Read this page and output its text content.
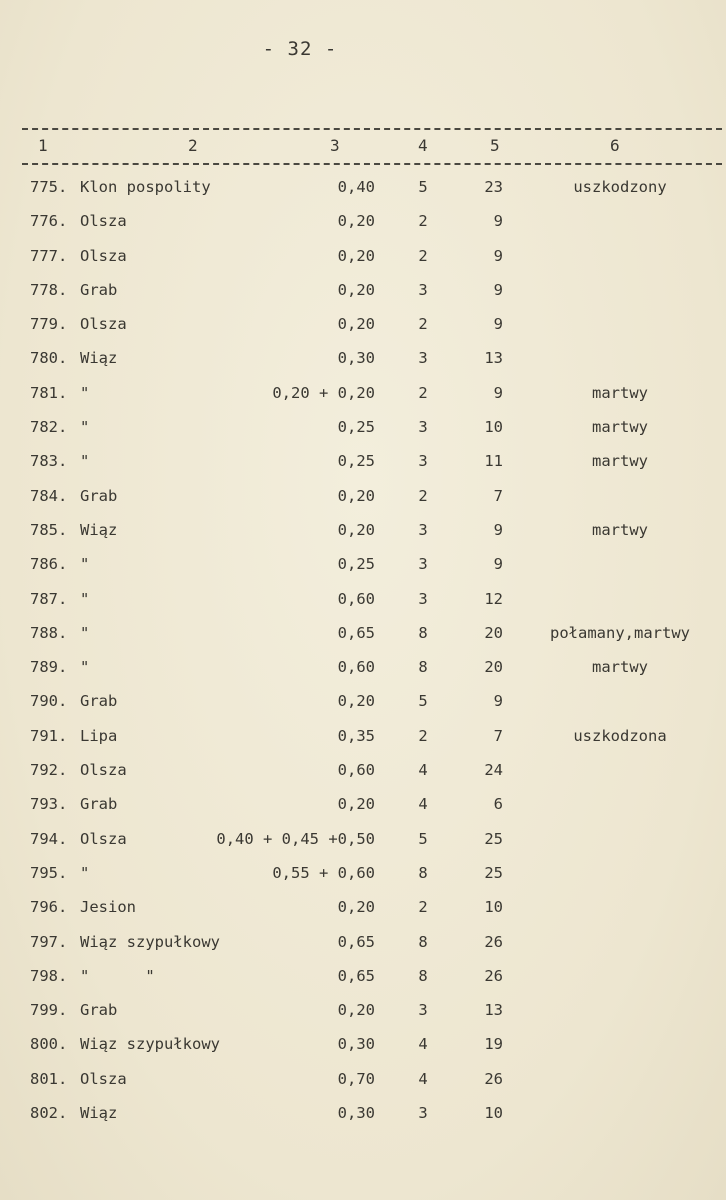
- 32 -
1	2	3	4	5	6
775. Klon pospolity	0,40	5	23	uszkodzony
776. Olsza	0,20	2	9
777. Olsza	0,20	2	9
778. Grab	0,20	3	9
779. Olsza	0,20	2	9
780. Wiąz	0,30	3	13
781. "	0,20 + 0,20	2	9	martwy
782. "	0,25	3	10	martwy
783. "	0,25	3	11	martwy
784. Grab	0,20	2	7
785. Wiąz	0,20	3	9	martwy
786. "	0,25	3	9
787. "	0,60	3	12
788. "	0,65	8	20	połamany,martwy
789. "	0,60	8	20	martwy
790. Grab	0,20	5	9
791. Lipa	0,35	2	7	uszkodzona
792. Olsza	0,60	4	24
793. Grab	0,20	4	6
794. Olsza	0,40 + 0,45 +0,50	5	25
795. "	0,55 + 0,60	8	25
796. Jesion	0,20	2	10
797. Wiąz szypułkowy	0,65	8	26
798. "      "	0,65	8	26
799. Grab	0,20	3	13
800. Wiąz szypułkowy	0,30	4	19
801. Olsza	0,70	4	26
802. Wiąz	0,30	3	10
